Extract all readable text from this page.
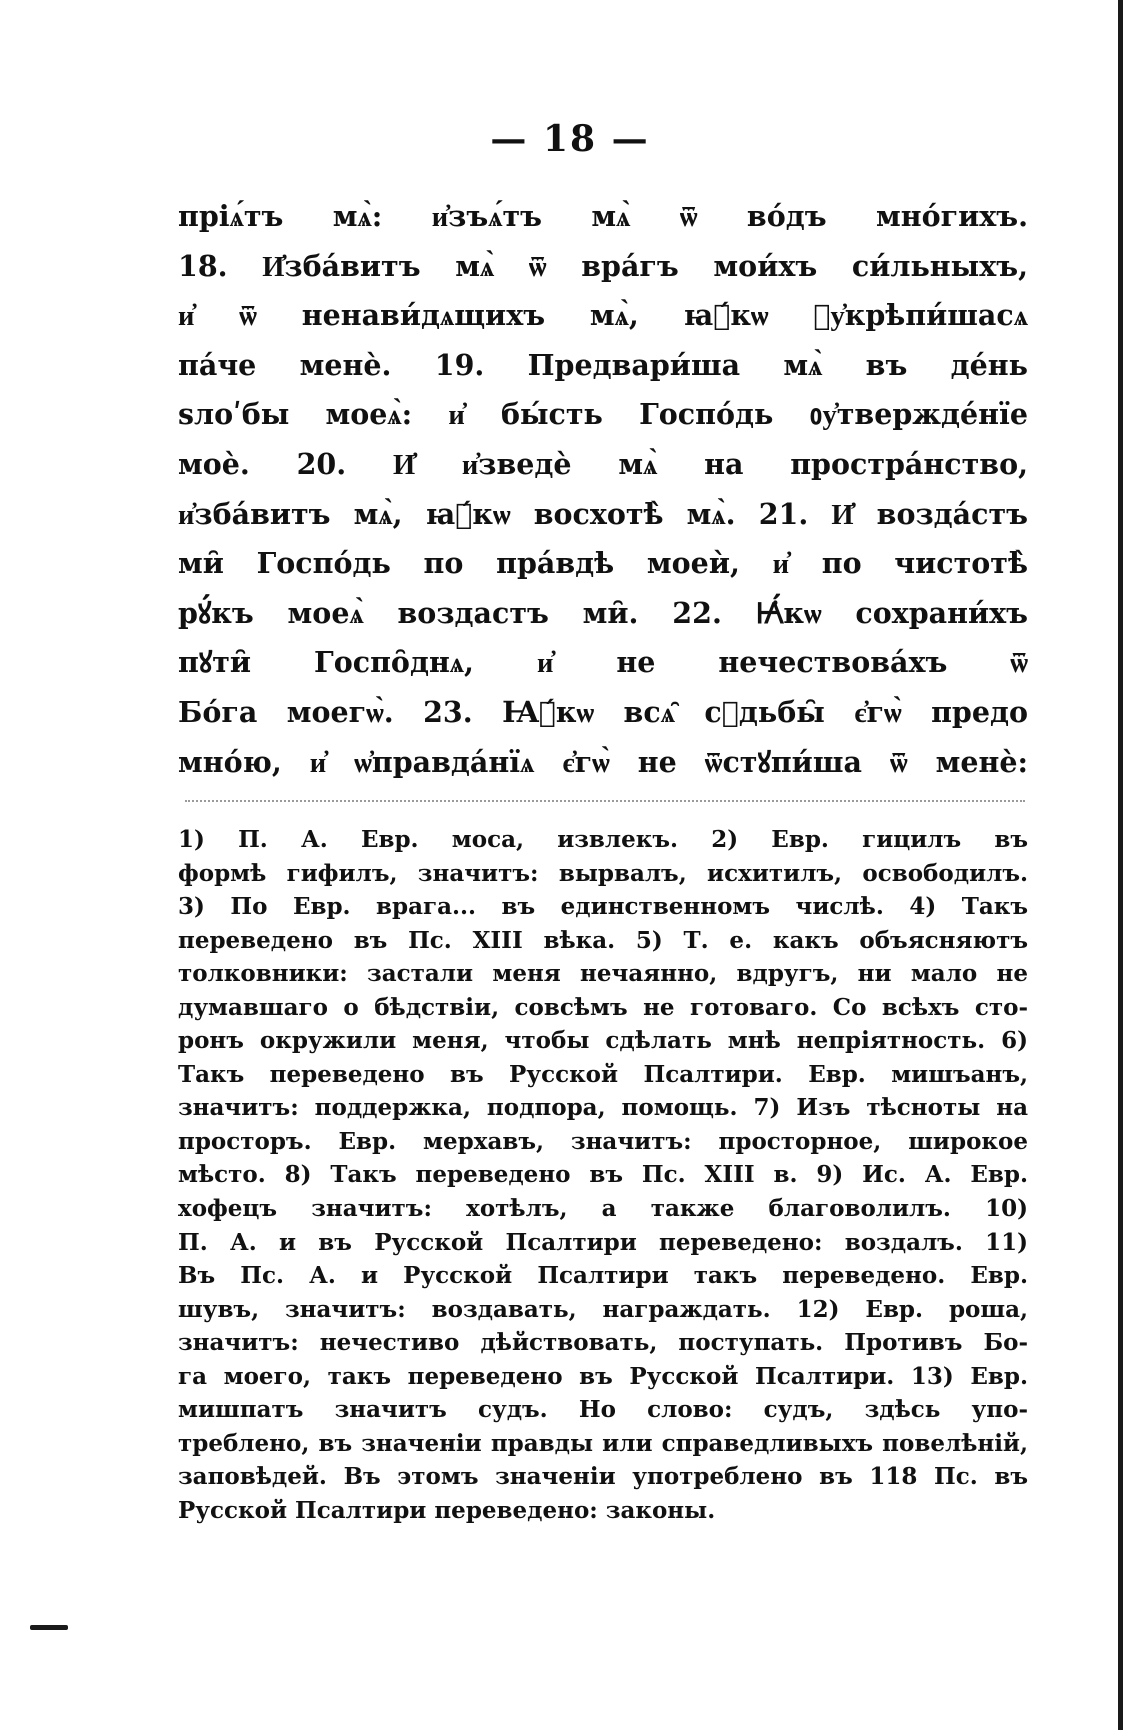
— 18 —
пріѧ́тъ мѧ̀: и҆зъѧ́тъ мѧ̀ ѿ во́дъ мно́гихъ.
18. И҆зба́витъ мѧ̀ ѿ вра́гъ мои́хъ си́льныхъ,
и҆ ѿ ненави́дѧщихъ мѧ̀, ꙗ҆́кѡ ᲂу҆крѣпи́шасѧ
па́че менѐ. 19. Предвари́ша мѧ̀ въ де́нь
ѕлоʹбы моеѧ̀: и҆ бы́сть Госпо́дь ᲂу҆твержде́нїе
моѐ. 20. И҆ и҆зведѐ мѧ̀ на простра́нство,
и҆зба́витъ мѧ̀, ꙗ҆́кѡ восхотѣ̀ мѧ̀. 21. И҆ возда́стъ
ми̑ Госпо́дь по пра́вдѣ моеѝ, и҆ по чистотѣ̀
рꙋ́къ моеѧ̀ воздастъ ми̑. 22. Ꙗ҆́кѡ сохрани́хъ
пꙋти̑ Госпо̑днѧ, и҆ не нечествова́хъ ѿ
Бо́га моегѡ̀. 23. Ꙗ҆́кѡ всѧ̑ сꙋдьбы̑ є҆гѡ̀ предо
мно́ю, и҆ ѡ҆правда́нїѧ є҆гѡ̀ не ѿстꙋпи́ша ѿ менѐ:
1) П. А. Евр. моса, извлекъ. 2) Евр. гицилъ въ
формѣ гифилъ, значитъ: вырвалъ, исхитилъ, освободилъ.
3) По Евр. врага... въ единственномъ числѣ. 4) Такъ
переведено въ Пс. XIII вѣка. 5) Т. е. какъ объясняютъ
толковники: застали меня нечаянно, вдругъ, ни мало не
думавшаго о бѣдствіи, совсѣмъ не готоваго. Со всѣхъ сто-
ронъ окружили меня, чтобы сдѣлать мнѣ непріятность. 6)
Такъ переведено въ Русской Псалтири. Евр. мишъанъ,
значитъ: поддержка, подпора, помощь. 7) Изъ тѣсноты на
просторъ. Евр. мерхавъ, значитъ: просторное, широкое
мѣсто. 8) Такъ переведено въ Пс. XIII в. 9) Ис. А. Евр.
хофецъ значитъ: хотѣлъ, а также благоволилъ. 10)
П. А. и въ Русской Псалтири переведено: воздалъ. 11)
Въ Пс. А. и Русской Псалтири такъ переведено. Евр.
шувъ, значитъ: воздавать, награждать. 12) Евр. роша,
значитъ: нечестиво дѣйствовать, поступать. Противъ Бо-
га моего, такъ переведено въ Русской Псалтири. 13) Евр.
мишпатъ значитъ судъ. Но слово: судъ, здѣсь упо-
треблено, въ значеніи правды или справедливыхъ повелѣній,
заповѣдей. Въ этомъ значеніи употреблено въ 118 Пс. въ
Русской Псалтири переведено: законы.
